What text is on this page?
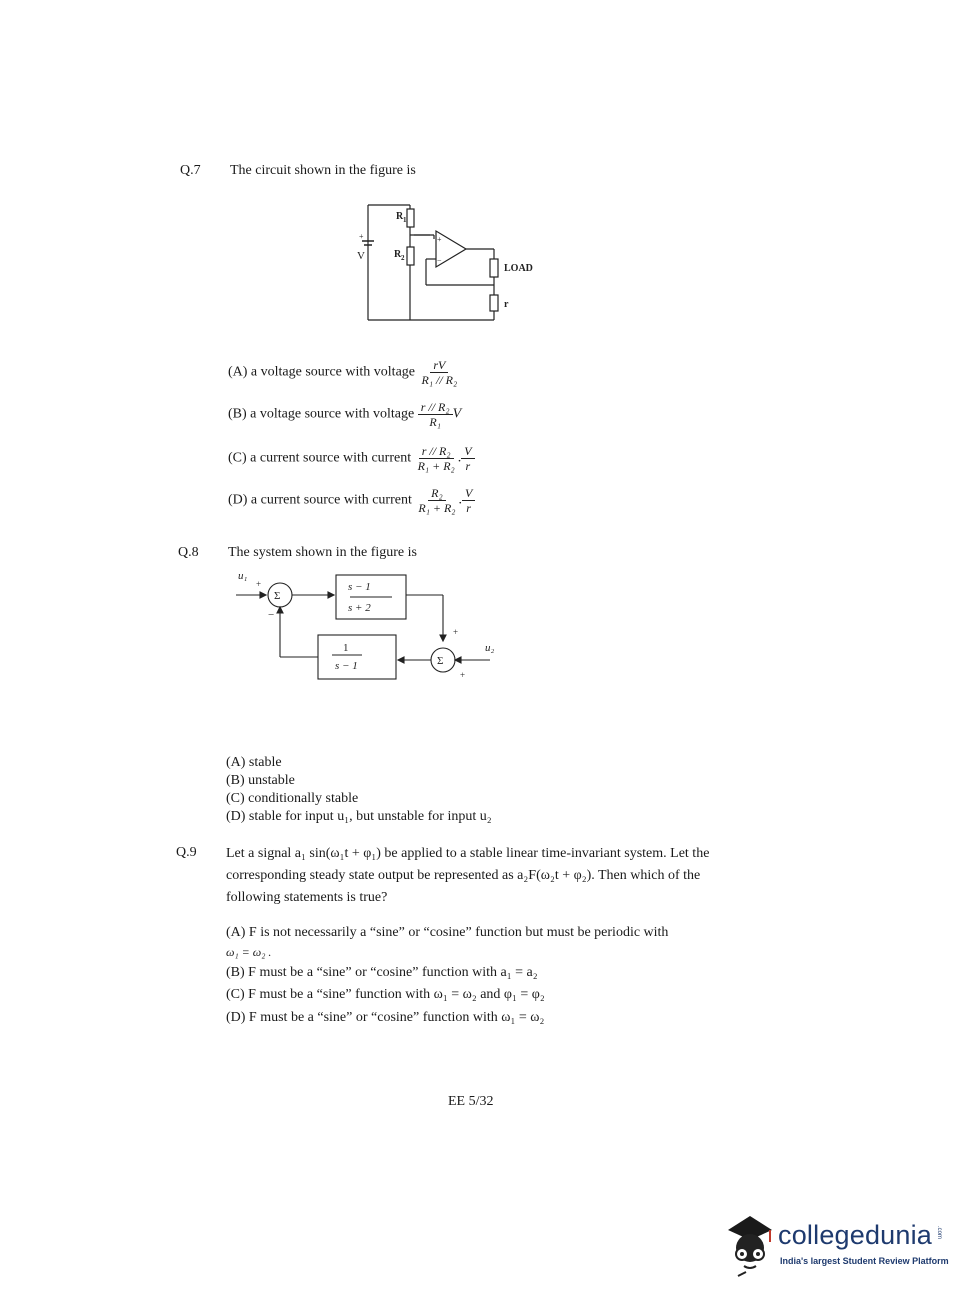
Q.7 The circuit shown in the figure is
R 1
R 2
V
+	+
−
LOAD
r
(A) a voltage source with voltage $\frac{rV}{\text{R₁ // R₂}}$
(B) a voltage source with voltage $\frac{\text{r // R₂}}{\text{R₁}}$ V
(C) a current source with current $\frac{\text{r // R₂}}{\text{R₁ + R₂}}$ . $\frac{V}{r}$
(D) a current source with current $\frac{\text{R₂}}{\text{R₁ + R₂}}$ . $\frac{V}{r}$
Q.8 The system shown in the figure is
u₁
+
−
Σ
s − 1
s + 2
+
Σ
+
u₂
1
s − 1
(A) stable
(B) unstable
(C) conditionally stable
(D) stable for input u₁, but unstable for input u₂
Q.9 Let a signal a₁ sin(ω₁t + φ₁) be applied to a stable linear time-invariant system. Let the
corresponding steady state output be represented as a₂F(ω₂t + φ₂). Then which of the
following statements is true?
(A) F is not necessarily a “sine” or “cosine” function but must be periodic with
ω₁ = ω₂ .
(B) F must be a “sine” or “cosine” function with a₁ = a₂
(C) F must be a “sine” function with ω₁ = ω₂ and φ₁ = φ₂
(D) F must be a “sine” or “cosine” function with ω₁ = ω₂
EE 5/32
collegedunia .com
India's largest Student Review Platform
